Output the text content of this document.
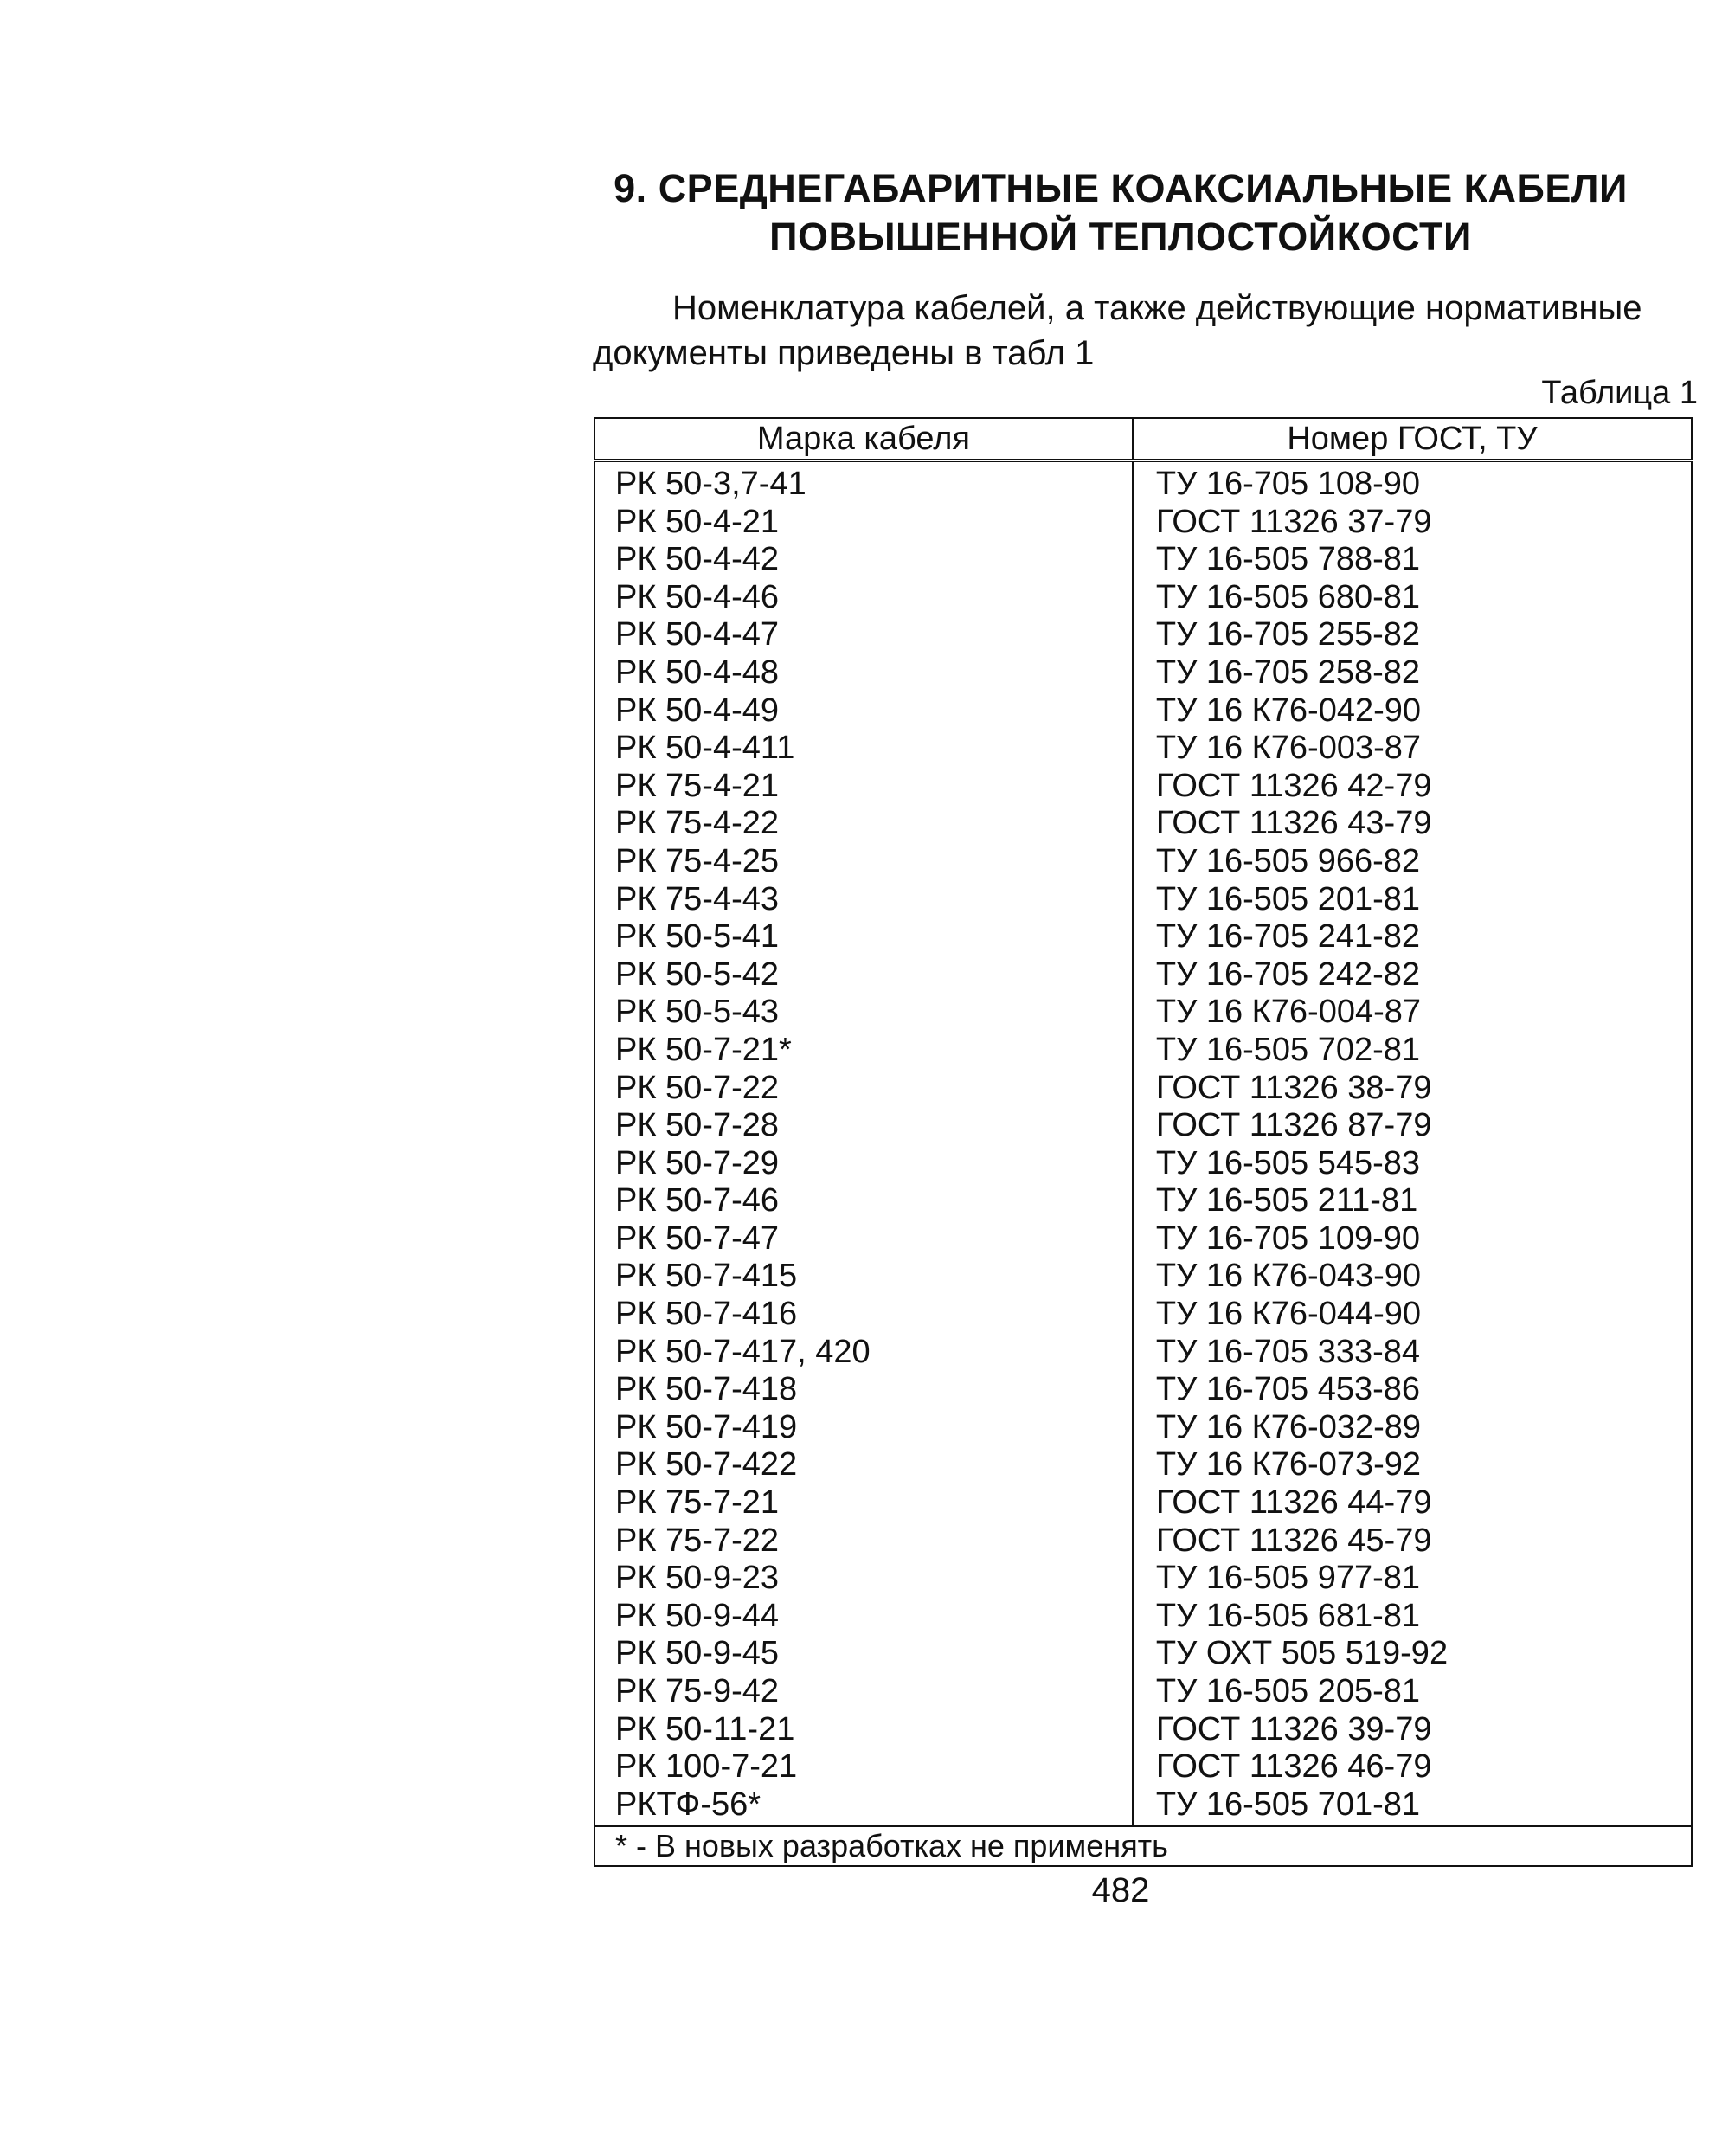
9. СРЕДНЕГАБАРИТНЫЕ КОАКСИАЛЬНЫЕ КАБЕЛИ
ПОВЫШЕННОЙ ТЕПЛОСТОЙКОСТИ
Номенклатура кабелей, а также действующие нормативные
документы приведены в табл 1
Таблица 1
Марка кабеля	Номер ГОСТ, ТУ
РК 50-3,7-41	ТУ 16-705 108-90
РК 50-4-21	ГОСТ 11326 37-79
РК 50-4-42	ТУ 16-505 788-81
РК 50-4-46	ТУ 16-505 680-81
РК 50-4-47	ТУ 16-705 255-82
РК 50-4-48	ТУ 16-705 258-82
РК 50-4-49	ТУ 16 К76-042-90
РК 50-4-411	ТУ 16 К76-003-87
РК 75-4-21	ГОСТ 11326 42-79
РК 75-4-22	ГОСТ 11326 43-79
РК 75-4-25	ТУ 16-505 966-82
РК 75-4-43	ТУ 16-505 201-81
РК 50-5-41	ТУ 16-705 241-82
РК 50-5-42	ТУ 16-705 242-82
РК 50-5-43	ТУ 16 К76-004-87
РК 50-7-21*	ТУ 16-505 702-81
РК 50-7-22	ГОСТ 11326 38-79
РК 50-7-28	ГОСТ 11326 87-79
РК 50-7-29	ТУ 16-505 545-83
РК 50-7-46	ТУ 16-505 211-81
РК 50-7-47	ТУ 16-705 109-90
РК 50-7-415	ТУ 16 К76-043-90
РК 50-7-416	ТУ 16 К76-044-90
РК 50-7-417, 420	ТУ 16-705 333-84
РК 50-7-418	ТУ 16-705 453-86
РК 50-7-419	ТУ 16 К76-032-89
РК 50-7-422	ТУ 16 К76-073-92
РК 75-7-21	ГОСТ 11326 44-79
РК 75-7-22	ГОСТ 11326 45-79
РК 50-9-23	ТУ 16-505 977-81
РК 50-9-44	ТУ 16-505 681-81
РК 50-9-45	ТУ ОХТ 505 519-92
РК 75-9-42	ТУ 16-505 205-81
РК 50-11-21	ГОСТ 11326 39-79
РК 100-7-21	ГОСТ 11326 46-79
РКТФ-56*	ТУ 16-505 701-81
* - В новых разработках не применять	
482
